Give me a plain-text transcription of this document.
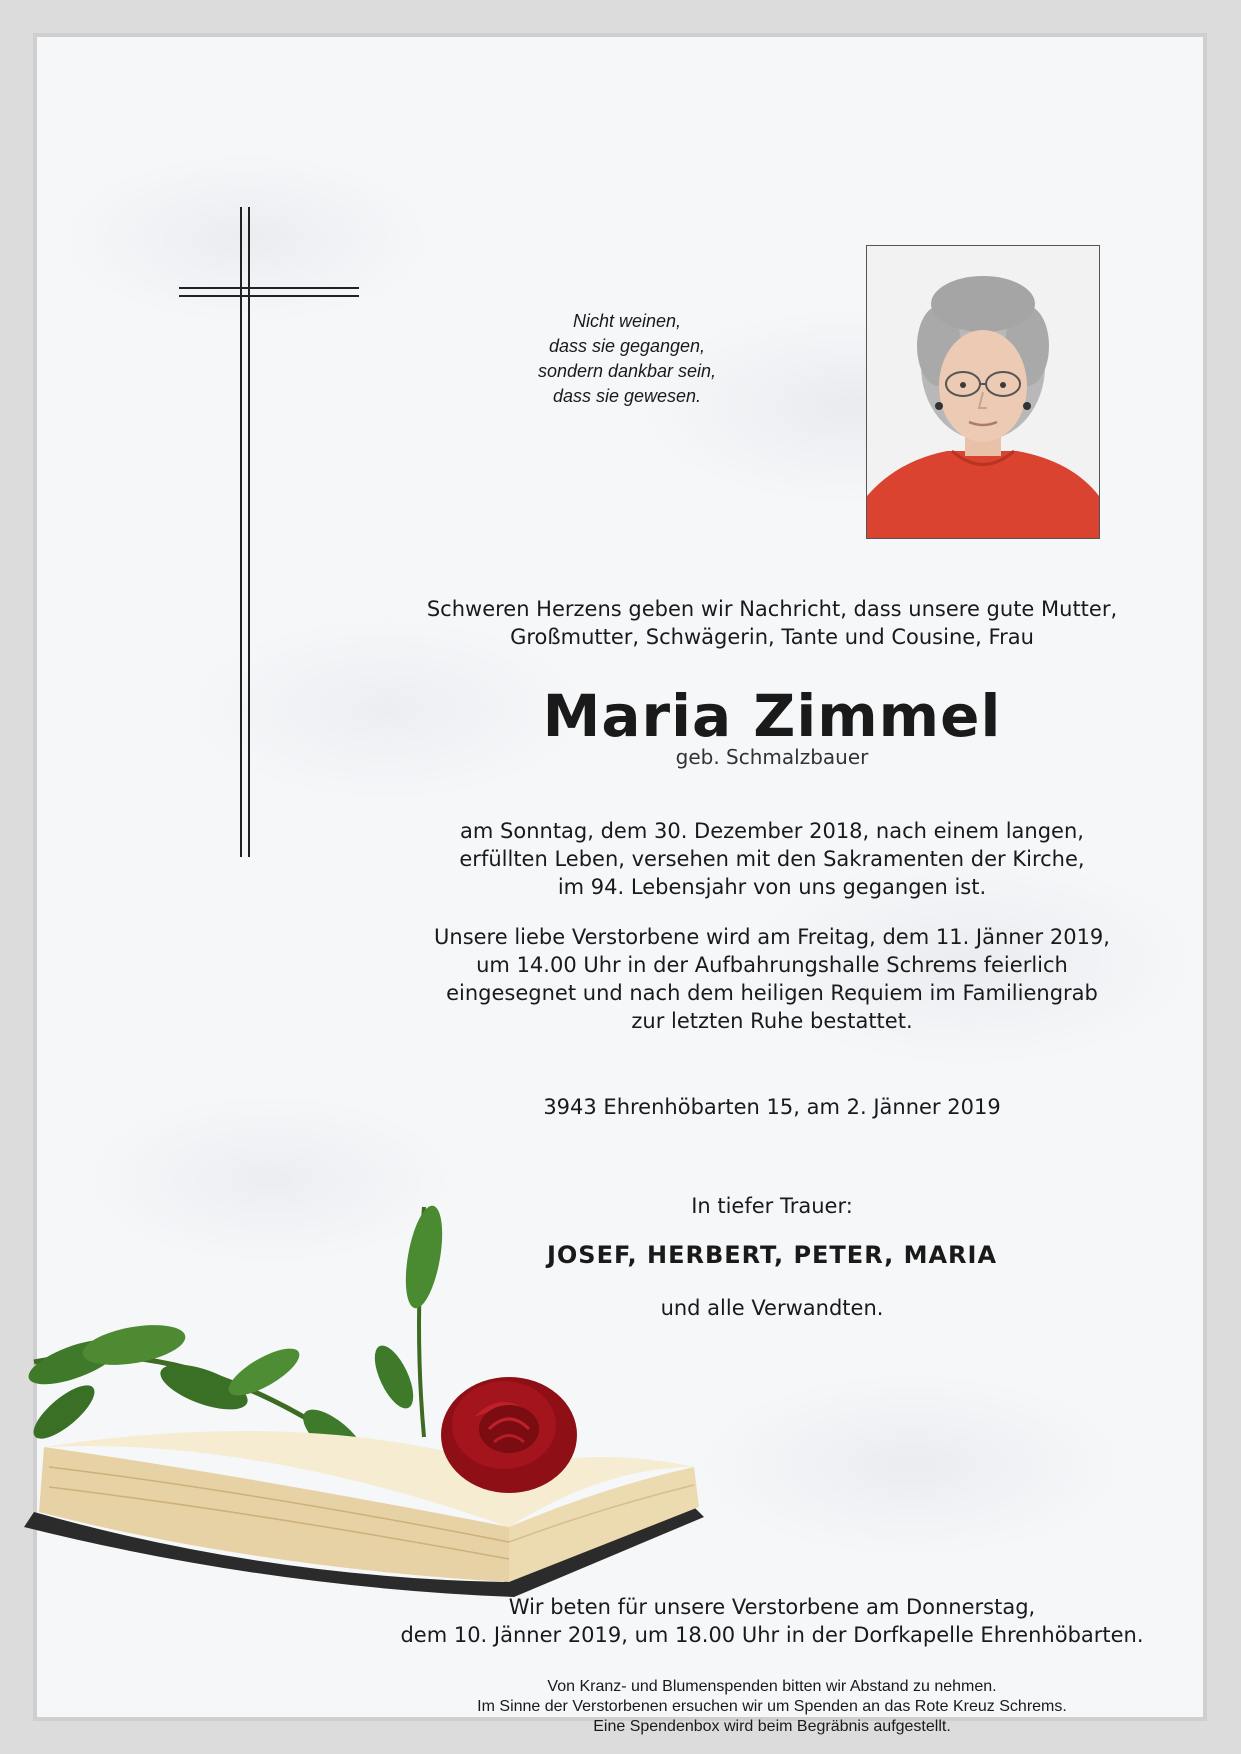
Nicht weinen,
dass sie gegangen,
sondern dankbar sein,
dass sie gewesen.
Schweren Herzens geben wir Nachricht, dass unsere gute Mutter,
Großmutter, Schwägerin, Tante und Cousine, Frau
Maria Zimmel
geb. Schmalzbauer
am Sonntag, dem 30. Dezember 2018, nach einem langen,
erfüllten Leben, versehen mit den Sakramenten der Kirche,
im 94. Lebensjahr von uns gegangen ist.
Unsere liebe Verstorbene wird am Freitag, dem 11. Jänner 2019,
um 14.00 Uhr in der Aufbahrungshalle Schrems feierlich
eingesegnet und nach dem heiligen Requiem im Familiengrab
zur letzten Ruhe bestattet.
3943 Ehrenhöbarten 15, am 2. Jänner 2019
In tiefer Trauer:
JOSEF, HERBERT, PETER, MARIA
und alle Verwandten.
Wir beten für unsere Verstorbene am Donnerstag,
dem 10. Jänner 2019, um 18.00 Uhr in der Dorfkapelle Ehrenhöbarten.
Von Kranz- und Blumenspenden bitten wir Abstand zu nehmen.
Im Sinne der Verstorbenen ersuchen wir um Spenden an das Rote Kreuz Schrems.
Eine Spendenbox wird beim Begräbnis aufgestellt.
